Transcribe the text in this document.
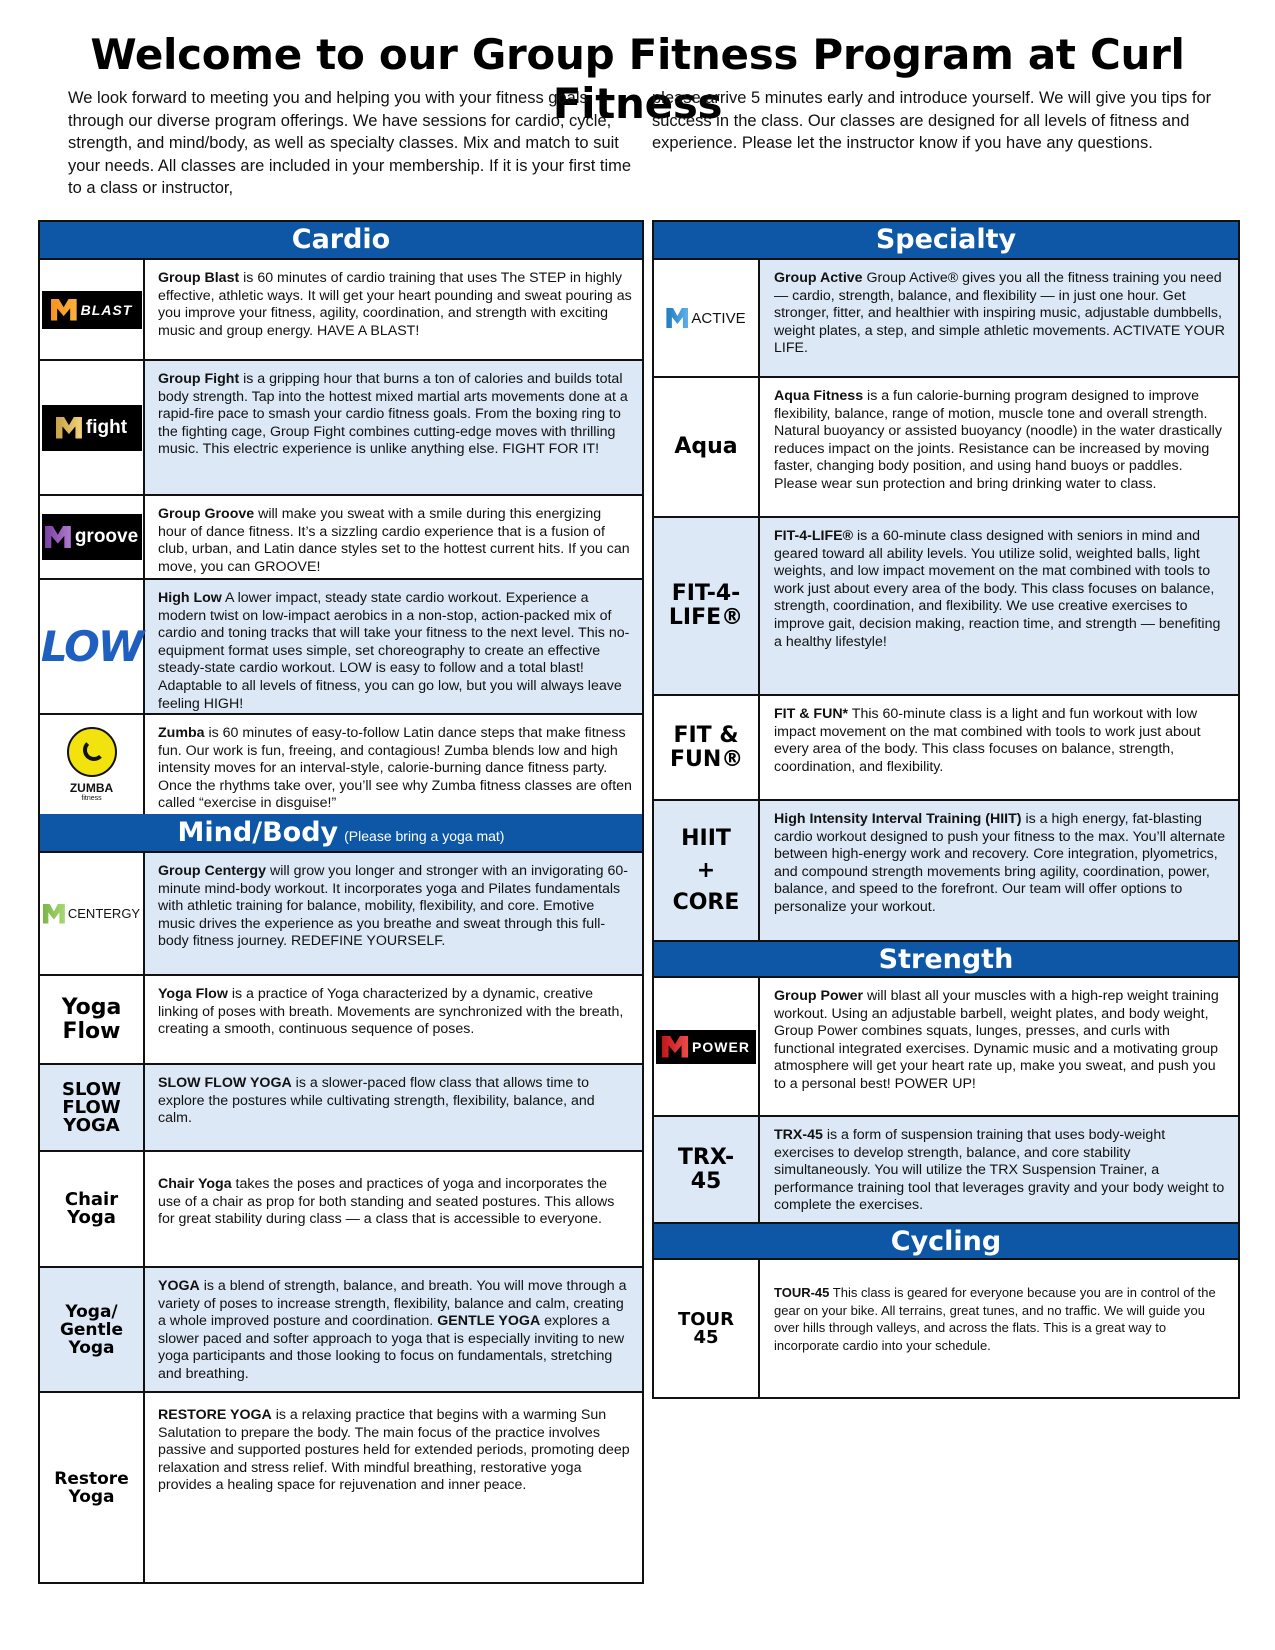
Welcome to our Group Fitness Program at Curl Fitness
We look forward to meeting you and helping you with your fitness goals through our diverse program offerings. We have sessions for cardio, cycle, strength, and mind/body, as well as specialty classes. Mix and match to suit your needs. All classes are included in your membership. If it is your first time to a class or instructor,
please arrive 5 minutes early and introduce yourself. We will give you tips for success in the class. Our classes are designed for all levels of fitness and experience. Please let the instructor know if you have any questions.
Cardio
BLAST
Group Blast is 60 minutes of cardio training that uses The STEP in highly effective, athletic ways. It will get your heart pounding and sweat pouring as you improve your fitness, agility, coordination, and strength with exciting music and group energy. HAVE A BLAST!
fight
Group Fight is a gripping hour that burns a ton of calories and builds total body strength. Tap into the hottest mixed martial arts movements done at a rapid-fire pace to smash your cardio fitness goals. From the boxing ring to the fighting cage, Group Fight combines cutting-edge moves with thrilling music. This electric experience is unlike anything else. FIGHT FOR IT!
groove
Group Groove will make you sweat with a smile during this energizing hour of dance fitness. It’s a sizzling cardio experience that is a fusion of club, urban, and Latin dance styles set to the hottest current hits. If you can move, you can GROOVE!
LOW
High Low A lower impact, steady state cardio workout. Experience a modern twist on low-impact aerobics in a non-stop, action-packed mix of cardio and toning tracks that will take your fitness to the next level. This no-equipment format uses simple, set choreography to create an effective steady-state cardio workout. LOW is easy to follow and a total blast! Adaptable to all levels of fitness, you can go low, but you will always leave feeling HIGH!
ZUMBA
fitness
Zumba is 60 minutes of easy-to-follow Latin dance steps that make fitness fun. Our work is fun, freeing, and contagious! Zumba blends low and high intensity moves for an interval-style, calorie-burning dance fitness party. Once the rhythms take over, you’ll see why Zumba fitness classes are often called “exercise in disguise!”
Mind/Body (Please bring a yoga mat)
CENTERGY
Group Centergy will grow you longer and stronger with an invigorating 60-minute mind-body workout. It incorporates yoga and Pilates fundamentals with athletic training for balance, mobility, flexibility, and core. Emotive music drives the experience as you breathe and sweat through this full-body fitness journey. REDEFINE YOURSELF.
Yoga Flow
Yoga Flow is a practice of Yoga characterized by a dynamic, creative linking of poses with breath. Movements are synchronized with the breath, creating a smooth, continuous sequence of poses.
SLOW FLOW YOGA
SLOW FLOW YOGA is a slower-paced flow class that allows time to explore the postures while cultivating strength, flexibility, balance, and calm.
Chair Yoga
Chair Yoga takes the poses and practices of yoga and incorporates the use of a chair as prop for both standing and seated postures. This allows for great stability during class — a class that is accessible to everyone.
Yoga/ Gentle Yoga
YOGA is a blend of strength, balance, and breath. You will move through a variety of poses to increase strength, flexibility, balance and calm, creating a whole improved posture and coordination. GENTLE YOGA explores a slower paced and softer approach to yoga that is especially inviting to new yoga participants and those looking to focus on fundamentals, stretching and breathing.
Restore Yoga
RESTORE YOGA is a relaxing practice that begins with a warming Sun Salutation to prepare the body. The main focus of the practice involves passive and supported postures held for extended periods, promoting deep relaxation and stress relief. With mindful breathing, restorative yoga provides a healing space for rejuvenation and inner peace.
Specialty
ACTIVE
Group Active Group Active® gives you all the fitness training you need — cardio, strength, balance, and flexibility — in just one hour. Get stronger, fitter, and healthier with inspiring music, adjustable dumbbells, weight plates, a step, and simple athletic movements. ACTIVATE YOUR LIFE.
Aqua
Aqua Fitness is a fun calorie-burning program designed to improve flexibility, balance, range of motion, muscle tone and overall strength. Natural buoyancy or assisted buoyancy (noodle) in the water drastically reduces impact on the joints. Resistance can be increased by moving faster, changing body position, and using hand buoys or paddles. Please wear sun protection and bring drinking water to class.
FIT-4-LIFE®
FIT-4-LIFE® is a 60-minute class designed with seniors in mind and geared toward all ability levels. You utilize solid, weighted balls, light weights, and low impact movement on the mat combined with tools to work just about every area of the body. This class focuses on balance, strength, coordination, and flexibility. We use creative exercises to improve gait, decision making, reaction time, and strength — benefiting a healthy lifestyle!
FIT & FUN®
FIT & FUN* This 60-minute class is a light and fun workout with low impact movement on the mat combined with tools to work just about every area of the body. This class focuses on balance, strength, coordination, and flexibility.
HIIT + CORE
High Intensity Interval Training (HIIT) is a high energy, fat-blasting cardio workout designed to push your fitness to the max. You’ll alternate between high-energy work and recovery. Core integration, plyometrics, and compound strength movements bring agility, coordination, power, balance, and speed to the forefront. Our team will offer options to personalize your workout.
Strength
POWER
Group Power will blast all your muscles with a high-rep weight training workout. Using an adjustable barbell, weight plates, and body weight, Group Power combines squats, lunges, presses, and curls with functional integrated exercises. Dynamic music and a motivating group atmosphere will get your heart rate up, make you sweat, and push you to a personal best! POWER UP!
TRX-45
TRX-45 is a form of suspension training that uses body-weight exercises to develop strength, balance, and core stability simultaneously. You will utilize the TRX Suspension Trainer, a performance training tool that leverages gravity and your body weight to complete the exercises.
Cycling
TOUR 45
TOUR-45 This class is geared for everyone because you are in control of the gear on your bike. All terrains, great tunes, and no traffic. We will guide you over hills through valleys, and across the flats. This is a great way to incorporate cardio into your schedule.
